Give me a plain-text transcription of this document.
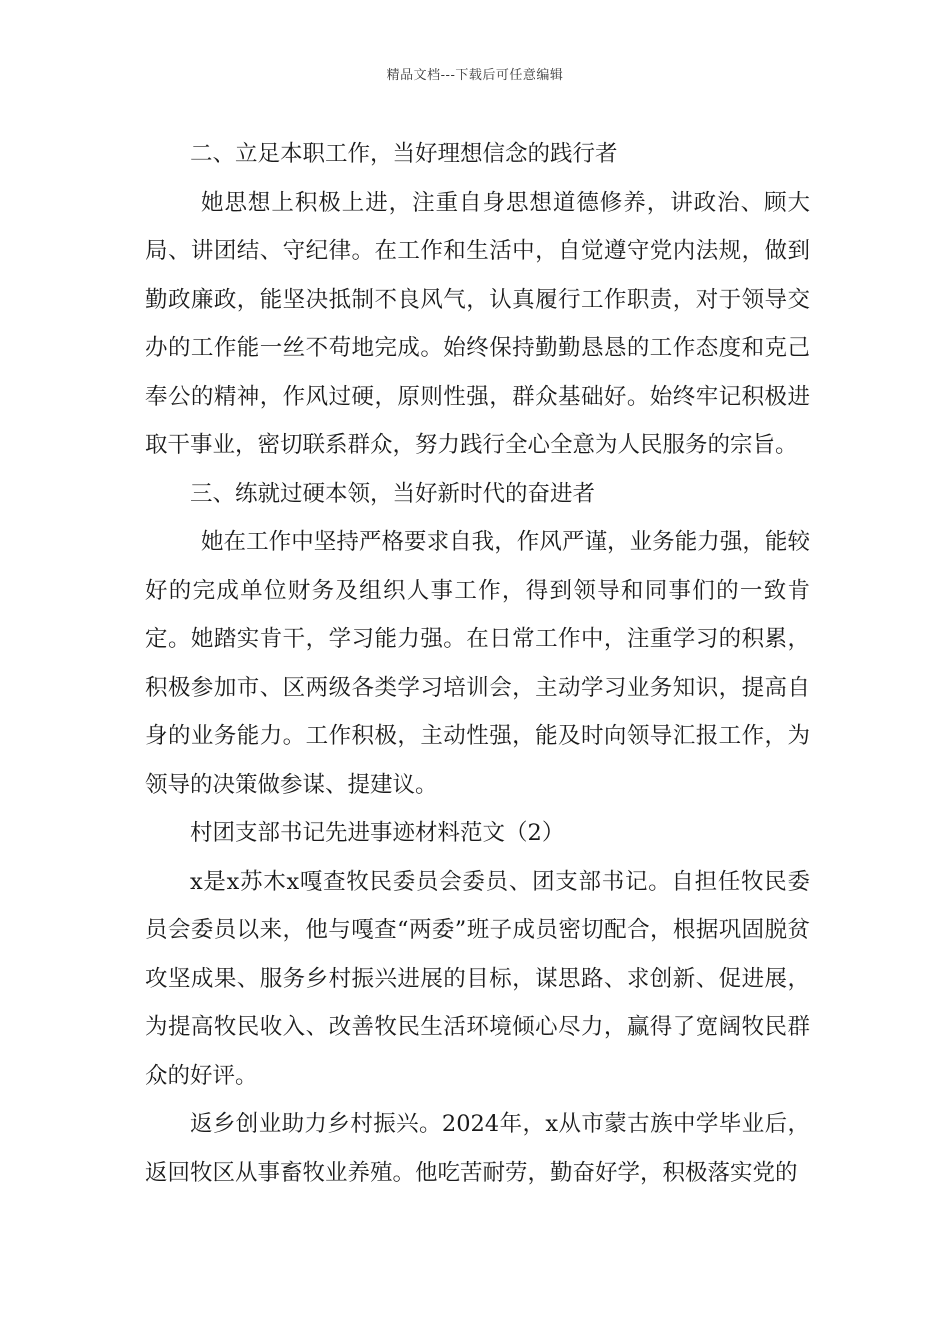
精品文档---下载后可任意编辑

二、立足本职工作，当好理想信念的践行者

她思想上积极上进，注重自身思想道德修养，讲政治、顾大局、讲团结、守纪律。在工作和生活中，自觉遵守党内法规，做到勤政廉政，能坚决抵制不良风气，认真履行工作职责，对于领导交办的工作能一丝不苟地完成。始终保持勤勤恳恳的工作态度和克己奉公的精神，作风过硬，原则性强，群众基础好。始终牢记积极进取干事业，密切联系群众，努力践行全心全意为人民服务的宗旨。

三、练就过硬本领，当好新时代的奋进者

她在工作中坚持严格要求自我，作风严谨，业务能力强，能较好的完成单位财务及组织人事工作，得到领导和同事们的一致肯定。她踏实肯干，学习能力强。在日常工作中，注重学习的积累，积极参加市、区两级各类学习培训会，主动学习业务知识，提高自身的业务能力。工作积极，主动性强，能及时向领导汇报工作，为领导的决策做参谋、提建议。

村团支部书记先进事迹材料范文（2）

x是x苏木x嘎查牧民委员会委员、团支部书记。自担任牧民委员会委员以来，他与嘎查“两委”班子成员密切配合，根据巩固脱贫攻坚成果、服务乡村振兴进展的目标，谋思路、求创新、促进展，为提高牧民收入、改善牧民生活环境倾心尽力，赢得了宽阔牧民群众的好评。

返乡创业助力乡村振兴。2024年，x从市蒙古族中学毕业后，返回牧区从事畜牧业养殖。他吃苦耐劳，勤奋好学，积极落实党的
